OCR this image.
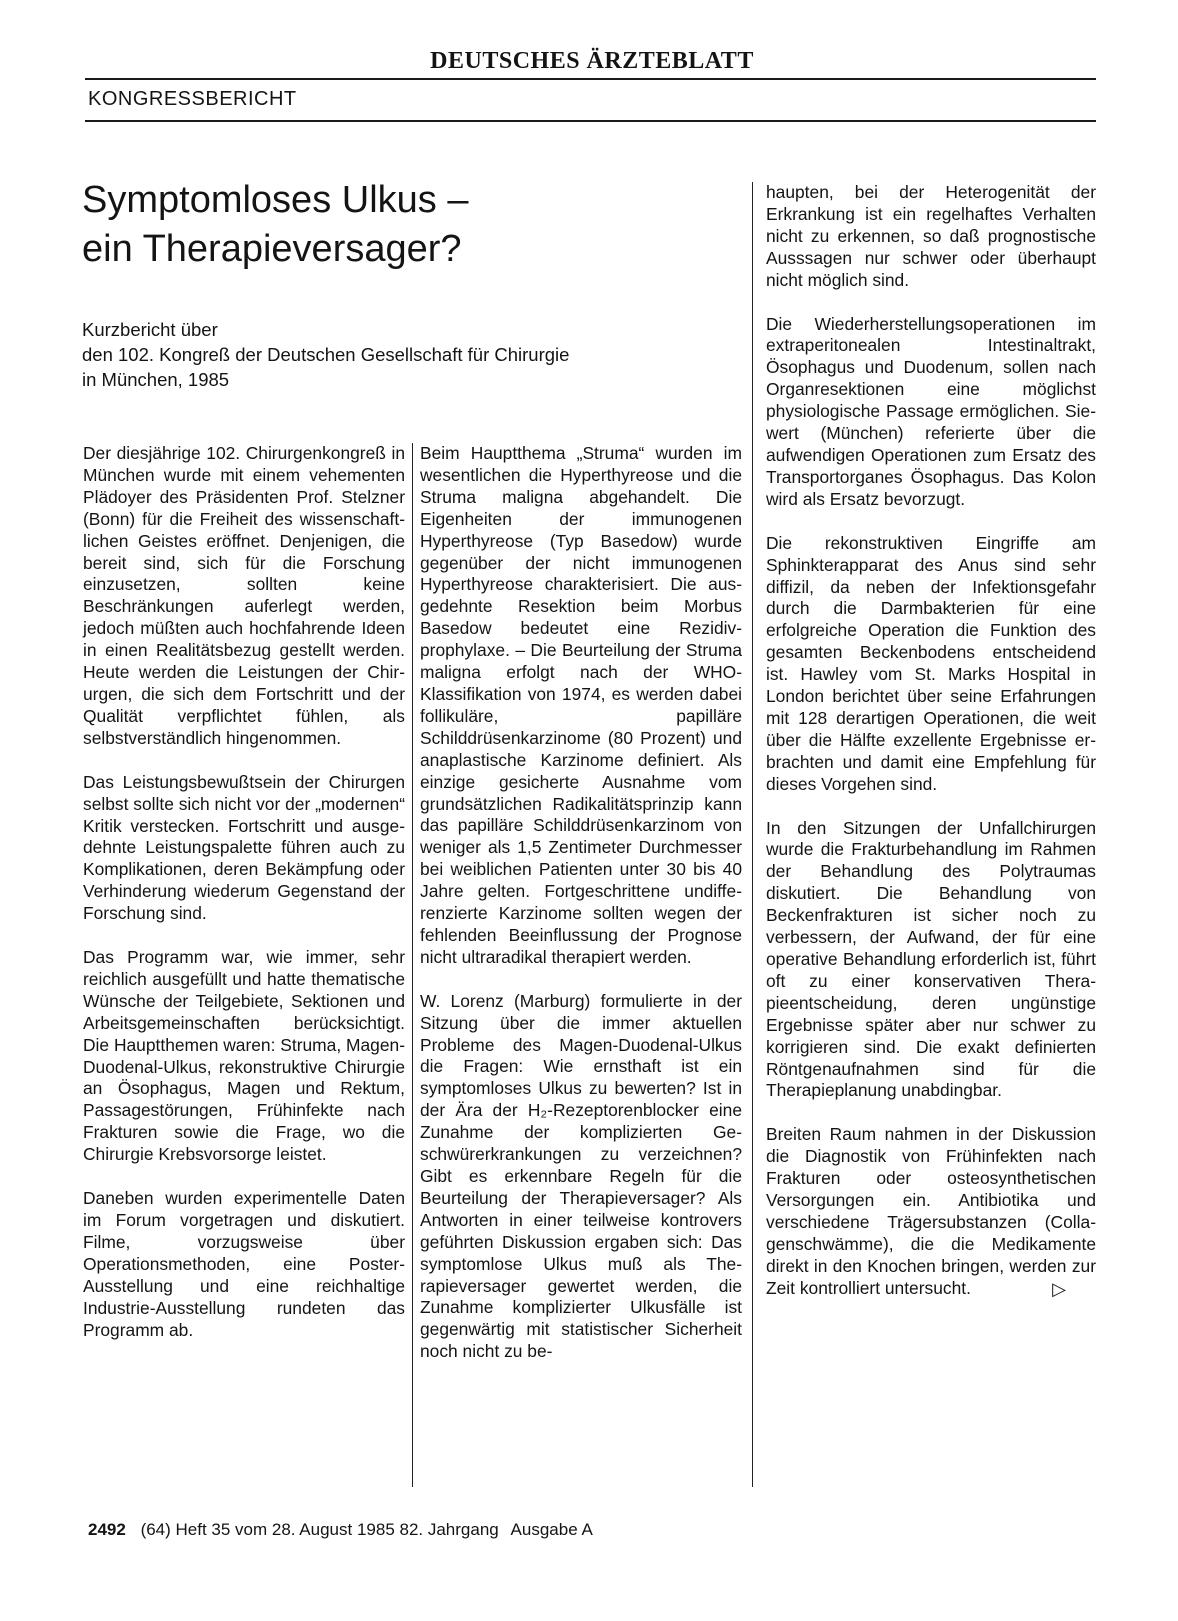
DEUTSCHES ÄRZTEBLATT
KONGRESSBERICHT
Symptomloses Ulkus –
ein Therapieversager?
Kurzbericht über
den 102. Kongreß der Deutschen Gesellschaft für Chirurgie
in München, 1985

Der diesjährige 102. Chirurgenkongreß in München wurde mit einem vehementen Plädoyer des Präsidenten Prof. Stelzner (Bonn) für die Freiheit des wissenschaftlichen Geistes eröffnet. Denjenigen, die bereit sind, sich für die Forschung einzusetzen, sollten keine Beschränkungen auferlegt werden, jedoch müßten auch hochfahrende Ideen in einen Realitätsbezug gestellt werden. Heute werden die Leistungen der Chirurgen, die sich dem Fortschritt und der Qualität verpflichtet fühlen, als selbstverständlich hingenommen.

Das Leistungsbewußtsein der Chirurgen selbst sollte sich nicht vor der „modernen“ Kritik verstecken. Fortschritt und ausgedehnte Leistungspalette führen auch zu Komplikationen, deren Bekämpfung oder Verhinderung wiederum Gegenstand der Forschung sind.

Das Programm war, wie immer, sehr reichlich ausgefüllt und hatte thematische Wünsche der Teilgebiete, Sektionen und Arbeitsgemeinschaften berücksichtigt. Die Hauptthemen waren: Struma, Magen-Duodenal-Ulkus, rekonstruktive Chirurgie an Ösophagus, Magen und Rektum, Passagestörungen, Frühinfekte nach Frakturen sowie die Frage, wo die Chirurgie Krebsvorsorge leistet.

Daneben wurden experimentelle Daten im Forum vorgetragen und diskutiert. Filme, vorzugsweise über Operationsmethoden, eine Poster-Ausstellung und eine reichhaltige Industrie-Ausstellung rundeten das Programm ab.

Beim Hauptthema „Struma“ wurden im wesentlichen die Hyperthyreose und die Struma maligna abgehandelt. Die Eigenheiten der immunogenen Hyperthyreose (Typ Basedow) wurde gegenüber der nicht immunogenen Hyperthyreose charakterisiert. Die ausgedehnte Resektion beim Morbus Basedow bedeutet eine Rezidivprophylaxe. – Die Beurteilung der Struma maligna erfolgt nach der WHO-Klassifikation von 1974, es werden dabei follikuläre, papilläre Schilddrüsenkarzinome (80 Prozent) und anaplastische Karzinome definiert. Als einzige gesicherte Ausnahme vom grundsätzlichen Radikalitätsprinzip kann das papilläre Schilddrüsenkarzinom von weniger als 1,5 Zentimeter Durchmesser bei weiblichen Patienten unter 30 bis 40 Jahre gelten. Fortgeschrittene undifferenzierte Karzinome sollten wegen der fehlenden Beeinflussung der Prognose nicht ultraradikal therapiert werden.

W. Lorenz (Marburg) formulierte in der Sitzung über die immer aktuellen Probleme des Magen-Duodenal-Ulkus die Fragen: Wie ernsthaft ist ein symptomloses Ulkus zu bewerten? Ist in der Ära der H₂-Rezeptorenblocker eine Zunahme der komplizierten Geschwürerkrankungen zu verzeichnen? Gibt es erkennbare Regeln für die Beurteilung der Therapieversager? Als Antworten in einer teilweise kontrovers geführten Diskussion ergaben sich: Das symptomlose Ulkus muß als Therapieversager gewertet werden, die Zunahme komplizierter Ulkusfälle ist gegenwärtig mit statistischer Sicherheit noch nicht zu be-

haupten, bei der Heterogenität der Erkrankung ist ein regelhaftes Verhalten nicht zu erkennen, so daß prognostische Ausssagen nur schwer oder überhaupt nicht möglich sind.

Die Wiederherstellungsoperationen im extraperitonealen Intestinaltrakt, Ösophagus und Duodenum, sollen nach Organresektionen eine möglichst physiologische Passage ermöglichen. Siewert (München) referierte über die aufwendigen Operationen zum Ersatz des Transportorganes Ösophagus. Das Kolon wird als Ersatz bevorzugt.

Die rekonstruktiven Eingriffe am Sphinkterapparat des Anus sind sehr diffizil, da neben der Infektionsgefahr durch die Darmbakterien für eine erfolgreiche Operation die Funktion des gesamten Beckenbodens entscheidend ist. Hawley vom St. Marks Hospital in London berichtet über seine Erfahrungen mit 128 derartigen Operationen, die weit über die Hälfte exzellente Ergebnisse erbrachten und damit eine Empfehlung für dieses Vorgehen sind.

In den Sitzungen der Unfallchirurgen wurde die Frakturbehandlung im Rahmen der Behandlung des Polytraumas diskutiert. Die Behandlung von Beckenfrakturen ist sicher noch zu verbessern, der Aufwand, der für eine operative Behandlung erforderlich ist, führt oft zu einer konservativen Therapieentscheidung, deren ungünstige Ergebnisse später aber nur schwer zu korrigieren sind. Die exakt definierten Röntgenaufnahmen sind für die Therapieplanung unabdingbar.

Breiten Raum nahmen in der Diskussion die Diagnostik von Frühinfekten nach Frakturen oder osteosynthetischen Versorgungen ein. Antibiotika und verschiedene Trägersubstanzen (Collagenschwämme), die die Medikamente direkt in den Knochen bringen, werden zur Zeit kontrolliert untersucht.	▷

2492 (64) Heft 35 vom 28. August 1985 82. Jahrgang Ausgabe A
